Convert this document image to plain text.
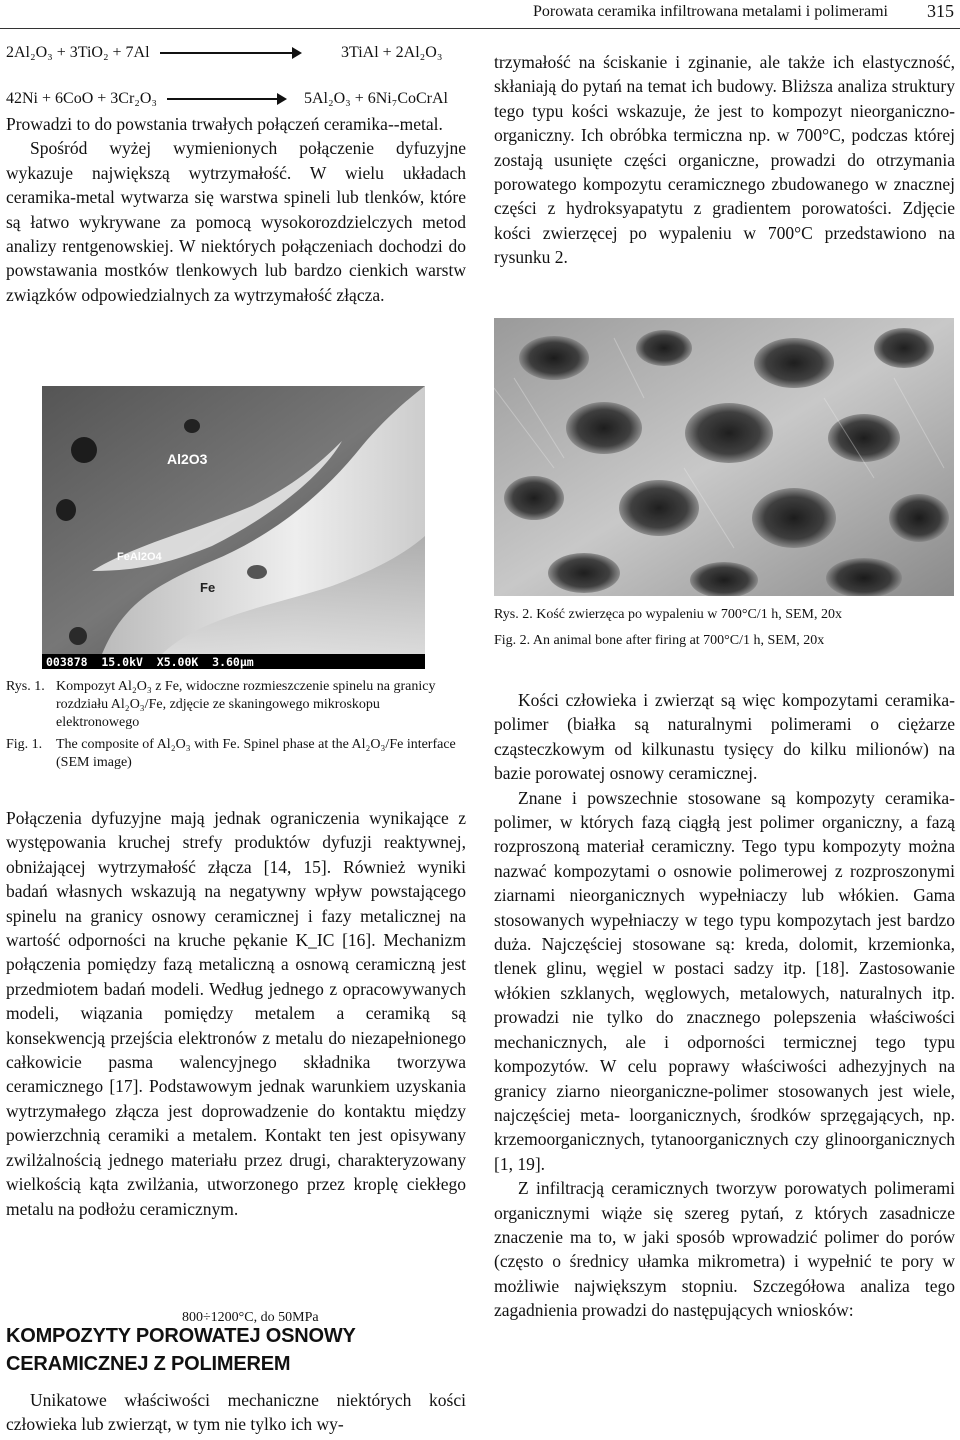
Porowata ceramika infiltrowana metalami i polimerami 315
2Al₂O₃ + 3TiO₂ + 7Al	3TiAl + 2Al₂O₃
42Ni + 6CoO + 3Cr₂O₃	5Al₂O₃ + 6Ni₇CoCrAl

Prowadzi to do powstania trwałych połączeń ceramika--metal.

Spośród wyżej wymienionych połączenie dyfuzyjne wykazuje największą wytrzymałość. W wielu układach ceramika-metal wytwarza się warstwa spineli lub tlenków, które są łatwo wykrywane za pomocą wysokorozdzielczych metod analizy rentgenowskiej. W niektórych połączeniach dochodzi do powstawania mostków tlenkowych lub bardzo cienkich warstw związków odpowiedzialnych za wytrzymałość złącza.

trzymałość na ściskanie i zginanie, ale także ich elastyczność, skłaniają do pytań na temat ich budowy. Bliższa analiza struktury tego typu kości wskazuje, że jest to kompozyt nieorganiczno-organiczny. Ich obróbka termiczna np. w 700°C, podczas której zostają usunięte części organiczne, prowadzi do otrzymania porowatego kompozytu ceramicznego zbudowanego w znacznej części z hydroksyapatytu z gradientem porowatości. Zdjęcie kości zwierzęcej po wypaleniu w 700°C przedstawiono na rysunku 2.

Al2O3
FeAl2O4
Fe
003878  15.0kV  X5.00K  3.60µm
Rys. 2. Kość zwierzęca po wypaleniu w 700°C/1 h, SEM, 20x
Fig. 2. An animal bone after firing at 700°C/1 h, SEM, 20x
Rys. 1. Kompozyt Al₂O₃ z Fe, widoczne rozmieszczenie spinelu na granicy rozdziału Al₂O₃/Fe, zdjęcie ze skaningowego mikroskopu elektronowego
Fig. 1. The composite of Al₂O₃ with Fe. Spinel phase at the Al₂O₃/Fe interface (SEM image)

Połączenia dyfuzyjne mają jednak ograniczenia wynikające z występowania kruchej strefy produktów dyfuzji reaktywnej, obniżającej wytrzymałość złącza [14, 15]. Również wyniki badań własnych wskazują na negatywny wpływ powstającego spinelu na granicy osnowy ceramicznej i fazy metalicznej na wartość odporności na kruche pękanie K_IC [16]. Mechanizm połączenia pomiędzy fazą metaliczną a osnową ceramiczną jest przedmiotem badań modeli. Według jednego z opracowywanych modeli, wiązania pomiędzy metalem a ceramiką są konsekwencją przejścia elektronów z metalu do niezapełnionego całkowicie pasma walencyjnego składnika tworzywa ceramicznego [17]. Podstawowym jednak warunkiem uzyskania wytrzymałego złącza jest doprowadzenie do kontaktu między powierzchnią ceramiki a metalem. Kontakt ten jest opisywany zwilżalnością jednego materiału przez drugi, charakteryzowany wielkością kąta zwilżania, utworzonego przez kroplę ciekłego metalu na podłożu ceramicznym.

800÷1200°C, do 50MPa
KOMPOZYTY POROWATEJ OSNOWY
CERAMICZNEJ Z POLIMEREM

Unikatowe właściwości mechaniczne niektórych kości człowieka lub zwierząt, w tym nie tylko ich wy-

Kości człowieka i zwierząt są więc kompozytami ceramika-polimer (białka są naturalnymi polimerami o ciężarze cząsteczkowym od kilkunastu tysięcy do kilku milionów) na bazie porowatej osnowy ceramicznej.

Znane i powszechnie stosowane są kompozyty ceramika-polimer, w których fazą ciągłą jest polimer organiczny, a fazą rozproszoną materiał ceramiczny. Tego typu kompozyty można nazwać kompozytami o osnowie polimerowej z rozproszonymi ziarnami nieorganicznych wypełniaczy lub włókien. Gama stosowanych wypełniaczy w tego typu kompozytach jest bardzo duża. Najczęściej stosowane są: kreda, dolomit, krzemionka, tlenek glinu, węgiel w postaci sadzy itp. [18]. Zastosowanie włókien szklanych, węglowych, metalowych, naturalnych itp. prowadzi nie tylko do znacznego polepszenia właściwości mechanicznych, ale i odporności termicznej tego typu kompozytów. W celu poprawy właściwości adhezyjnych na granicy ziarno nieorganiczne-polimer stosowanych jest wiele, najczęściej meta- loorganicznych, środków sprzęgających, np. krzemoorganicznych, tytanoorganicznych czy glinoorganicznych [1, 19].

Z infiltracją ceramicznych tworzyw porowatych polimerami organicznymi wiąże się szereg pytań, z których zasadnicze znaczenie ma to, w jaki sposób wprowadzić polimer do porów (często o średnicy ułamka mikrometra) i wypełnić te pory w możliwie największym stopniu. Szczegółowa analiza tego zagadnienia prowadzi do następujących wniosków:
